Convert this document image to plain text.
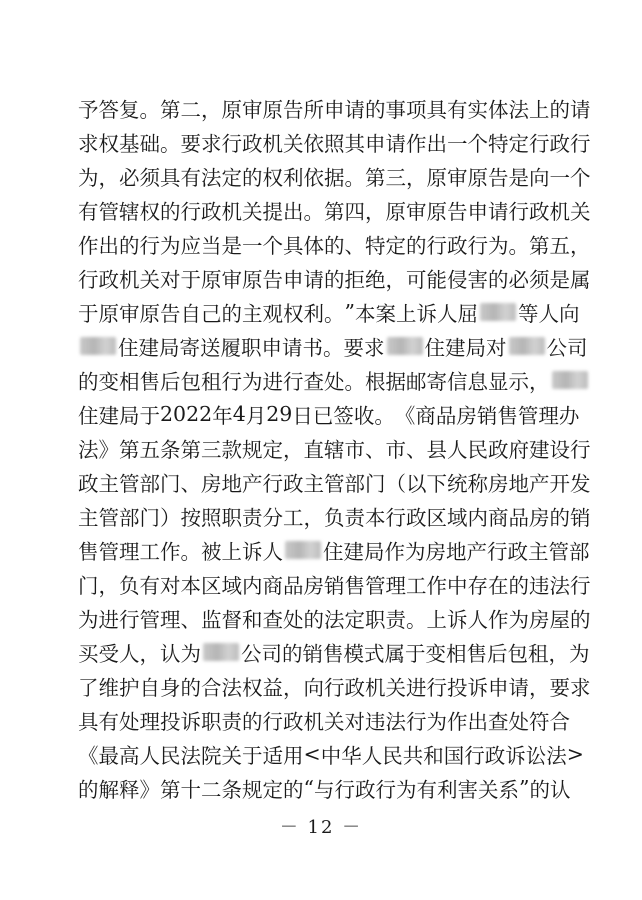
予 答 复 。 第 二 ， 原 审 原 告 所 申 请 的 事 项 具 有 实 体 法 上 的 请
求 权 基 础 。 要 求 行 政 机 关 依 照 其 申 请 作 出 一 个 特 定 行 政 行
为 ， 必 须 具 有 法 定 的 权 利 依 据 。 第 三 ， 原 审 原 告 是 向 一 个
有 管 辖 权 的 行 政 机 关 提 出 。 第 四 ， 原 审 原 告 申 请 行 政 机 关
作 出 的 行 为 应 当 是 一 个 具 体 的 、 特 定 的 行 政 行 为 。 第 五 ，
行 政 机 关 对 于 原 审 原 告 申 请 的 拒 绝 ， 可 能 侵 害 的 必 须 是 属
于 原 审 原 告 自 己 的 主 观 权 利 。 ” 本 案 上 诉 人 屈 等 人 向
住 建 局 寄 送 履 职 申 请 书 。 要 求 住 建 局 对 公 司
的 变 相 售 后 包 租 行 为 进 行 查 处 。 根 据 邮 寄 信 息 显 示 ，
住 建 局 于 2 0 2 2 年 4 月 2 9 日 已 签 收 。 《 商 品 房 销 售 管 理 办
法 》 第 五 条 第 三 款 规 定 ， 直 辖 市 、 市 、 县 人 民 政 府 建 设 行
政 主 管 部 门 、 房 地 产 行 政 主 管 部 门 （ 以 下 统 称 房 地 产 开 发
主 管 部 门 ） 按 照 职 责 分 工 ， 负 责 本 行 政 区 域 内 商 品 房 的 销
售 管 理 工 作 。 被 上 诉 人 住 建 局 作 为 房 地 产 行 政 主 管 部
门 ， 负 有 对 本 区 域 内 商 品 房 销 售 管 理 工 作 中 存 在 的 违 法 行
为 进 行 管 理 、 监 督 和 查 处 的 法 定 职 责 。 上 诉 人 作 为 房 屋 的
买 受 人 ， 认 为 公 司 的 销 售 模 式 属 于 变 相 售 后 包 租 ， 为
了 维 护 自 身 的 合 法 权 益 ， 向 行 政 机 关 进 行 投 诉 申 请 ， 要 求
具 有 处 理 投 诉 职 责 的 行 政 机 关 对 违 法 行 为 作 出 查 处 符 合
《 最 高 人 民 法 院 关 于 适 用 < 中 华 人 民 共 和 国 行 政 诉 讼 法 >
的 解 释 》 第 十 二 条 规 定 的 “ 与 行 政 行 为 有 利 害 关 系 ” 的 认
－ 12 －
